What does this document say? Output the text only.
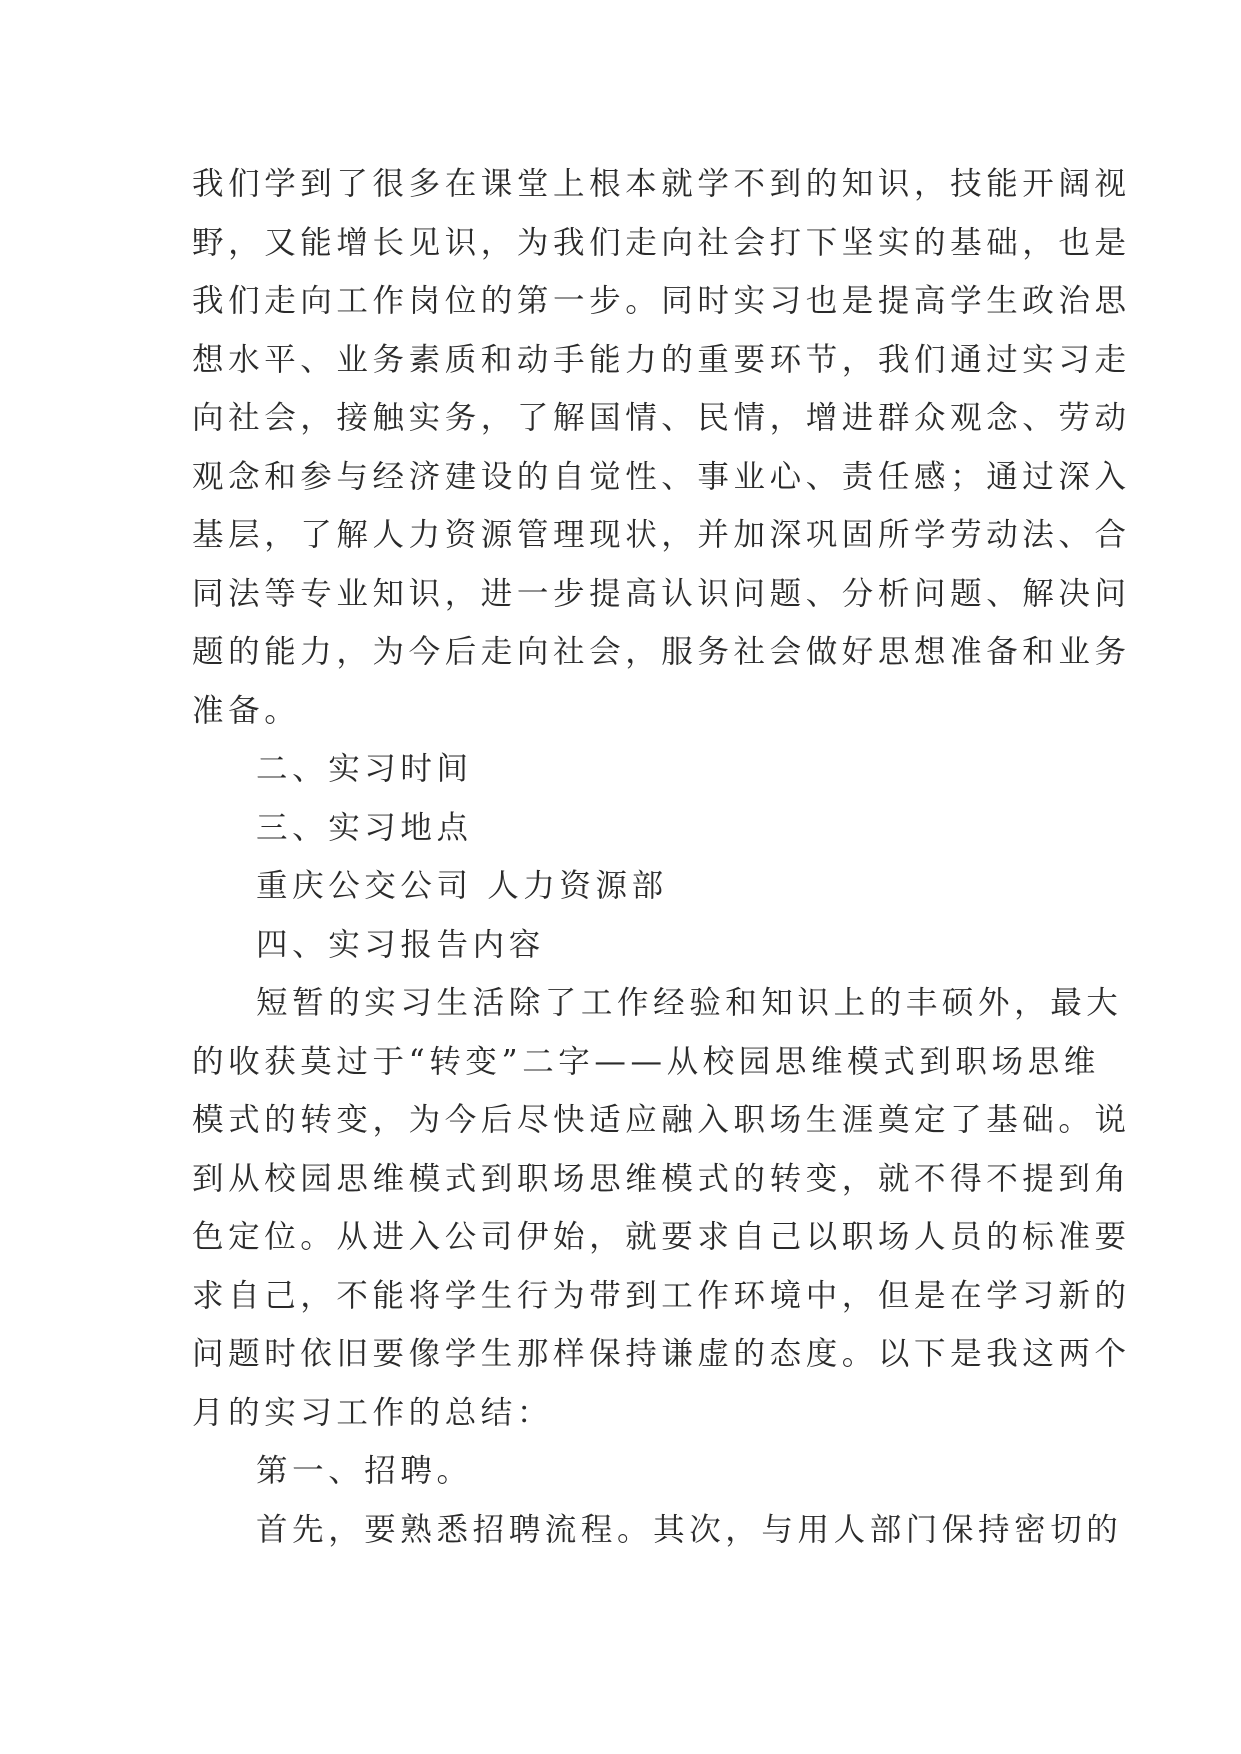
我们学到了很多在课堂上根本就学不到的知识，技能开阔视
野，又能增长见识，为我们走向社会打下坚实的基础，也是
我们走向工作岗位的第一步。同时实习也是提高学生政治思
想水平、业务素质和动手能力的重要环节，我们通过实习走
向社会，接触实务，了解国情、民情，增进群众观念、劳动
观念和参与经济建设的自觉性、事业心、责任感；通过深入
基层，了解人力资源管理现状，并加深巩固所学劳动法、合
同法等专业知识，进一步提高认识问题、分析问题、解决问
题的能力，为今后走向社会，服务社会做好思想准备和业务
准备。
二、实习时间
三、实习地点
重庆公交公司 人力资源部
四、实习报告内容
短暂的实习生活除了工作经验和知识上的丰硕外，最大
的收获莫过于“转变”二字——从校园思维模式到职场思维
模式的转变，为今后尽快适应融入职场生涯奠定了基础。说
到从校园思维模式到职场思维模式的转变，就不得不提到角
色定位。从进入公司伊始，就要求自己以职场人员的标准要
求自己，不能将学生行为带到工作环境中，但是在学习新的
问题时依旧要像学生那样保持谦虚的态度。以下是我这两个
月的实习工作的总结：
第一、招聘。
首先，要熟悉招聘流程。其次，与用人部门保持密切的
